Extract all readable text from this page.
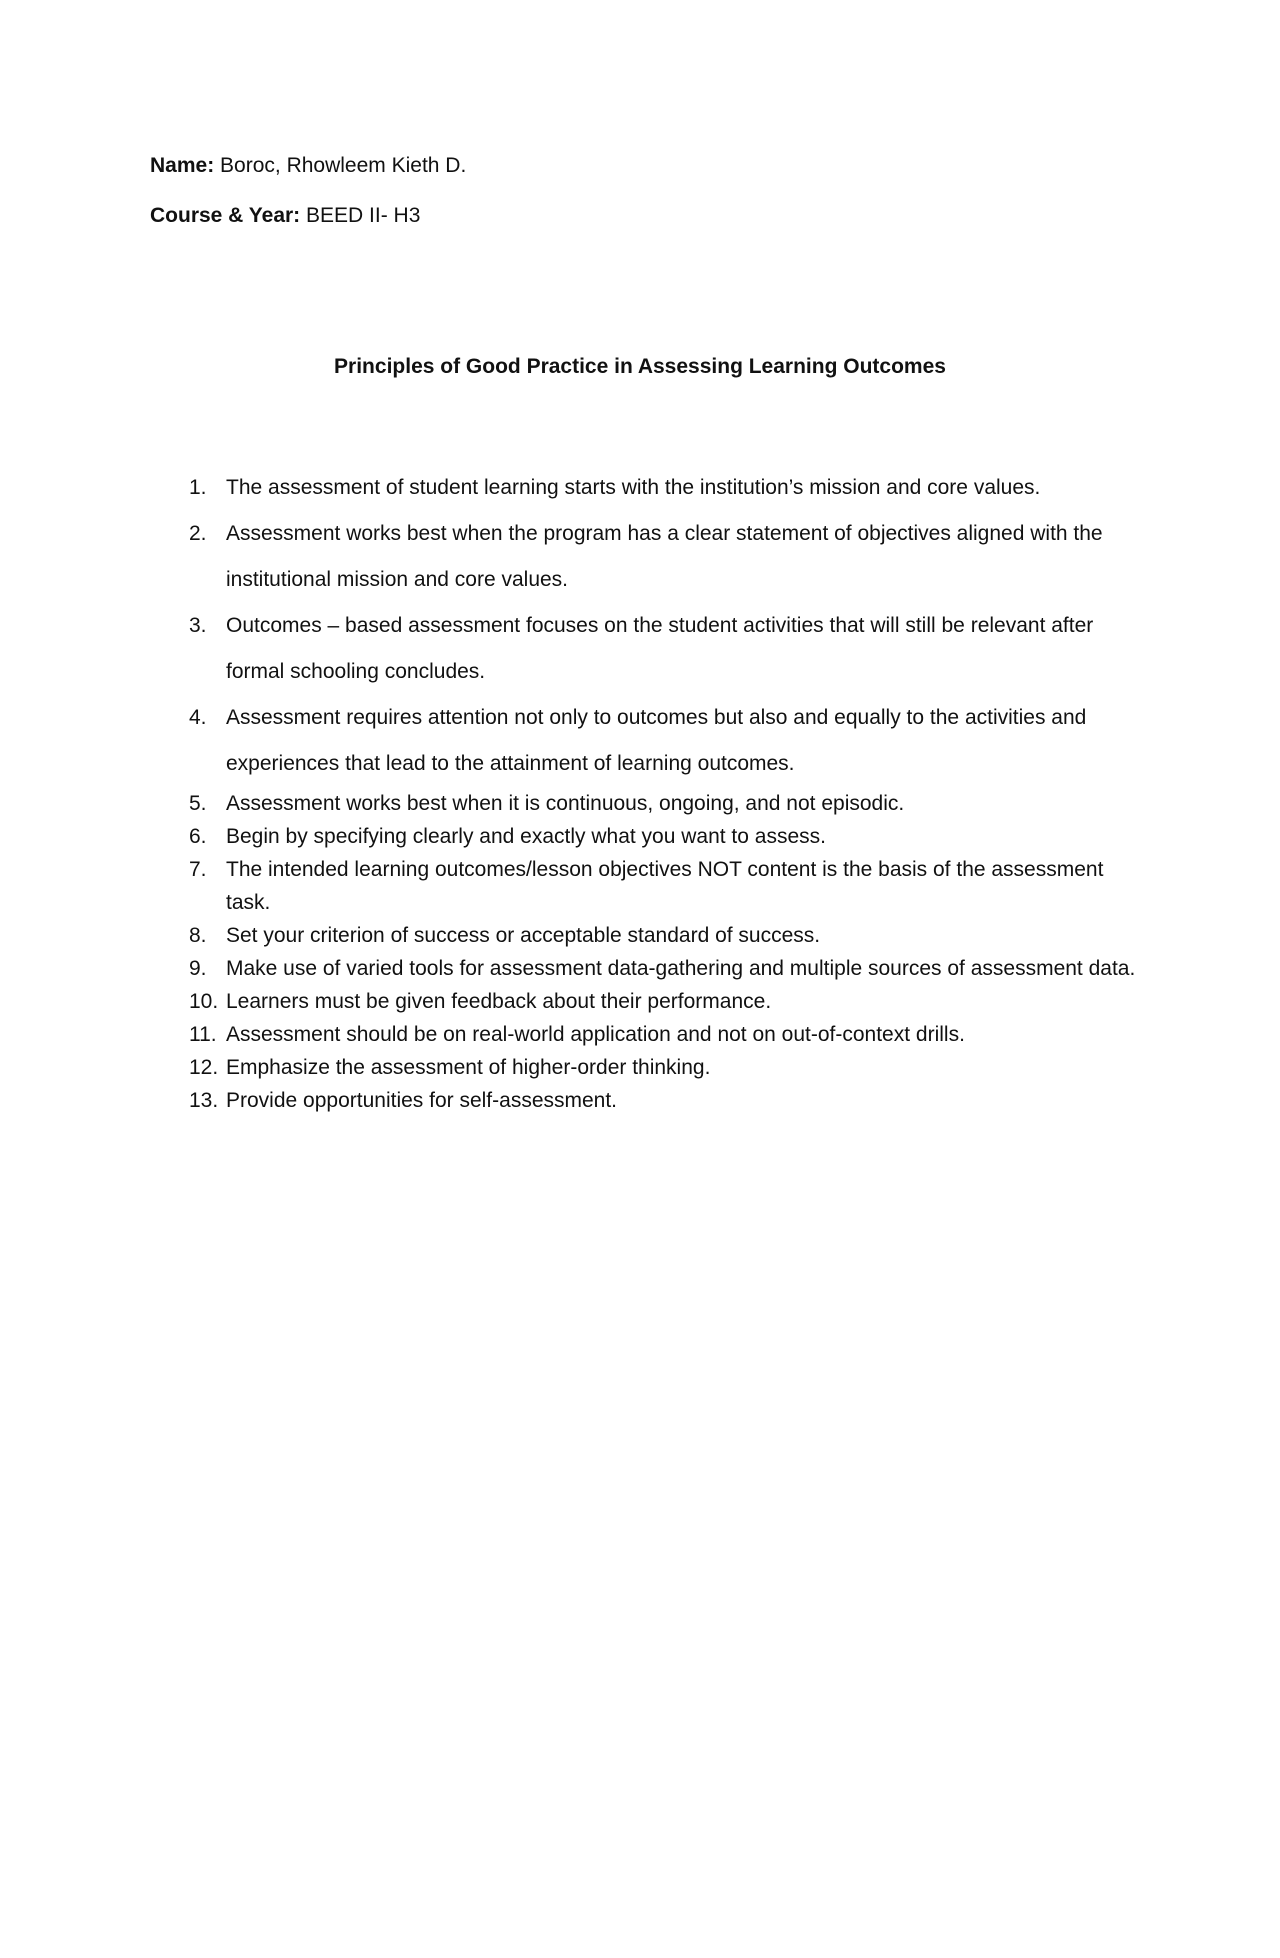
Name: Boroc, Rhowleem Kieth D.
Course & Year: BEED II- H3
Principles of Good Practice in Assessing Learning Outcomes
1. The assessment of student learning starts with the institution’s mission and core values.
2. Assessment works best when the program has a clear statement of objectives aligned with the institutional mission and core values.
3. Outcomes – based assessment focuses on the student activities that will still be relevant after formal schooling concludes.
4. Assessment requires attention not only to outcomes but also and equally to the activities and experiences that lead to the attainment of learning outcomes.
5. Assessment works best when it is continuous, ongoing, and not episodic.
6. Begin by specifying clearly and exactly what you want to assess.
7. The intended learning outcomes/lesson objectives NOT content is the basis of the assessment task.
8. Set your criterion of success or acceptable standard of success.
9. Make use of varied tools for assessment data-gathering and multiple sources of assessment data.
10. Learners must be given feedback about their performance.
11. Assessment should be on real-world application and not on out-of-context drills.
12. Emphasize the assessment of higher-order thinking.
13. Provide opportunities for self-assessment.
